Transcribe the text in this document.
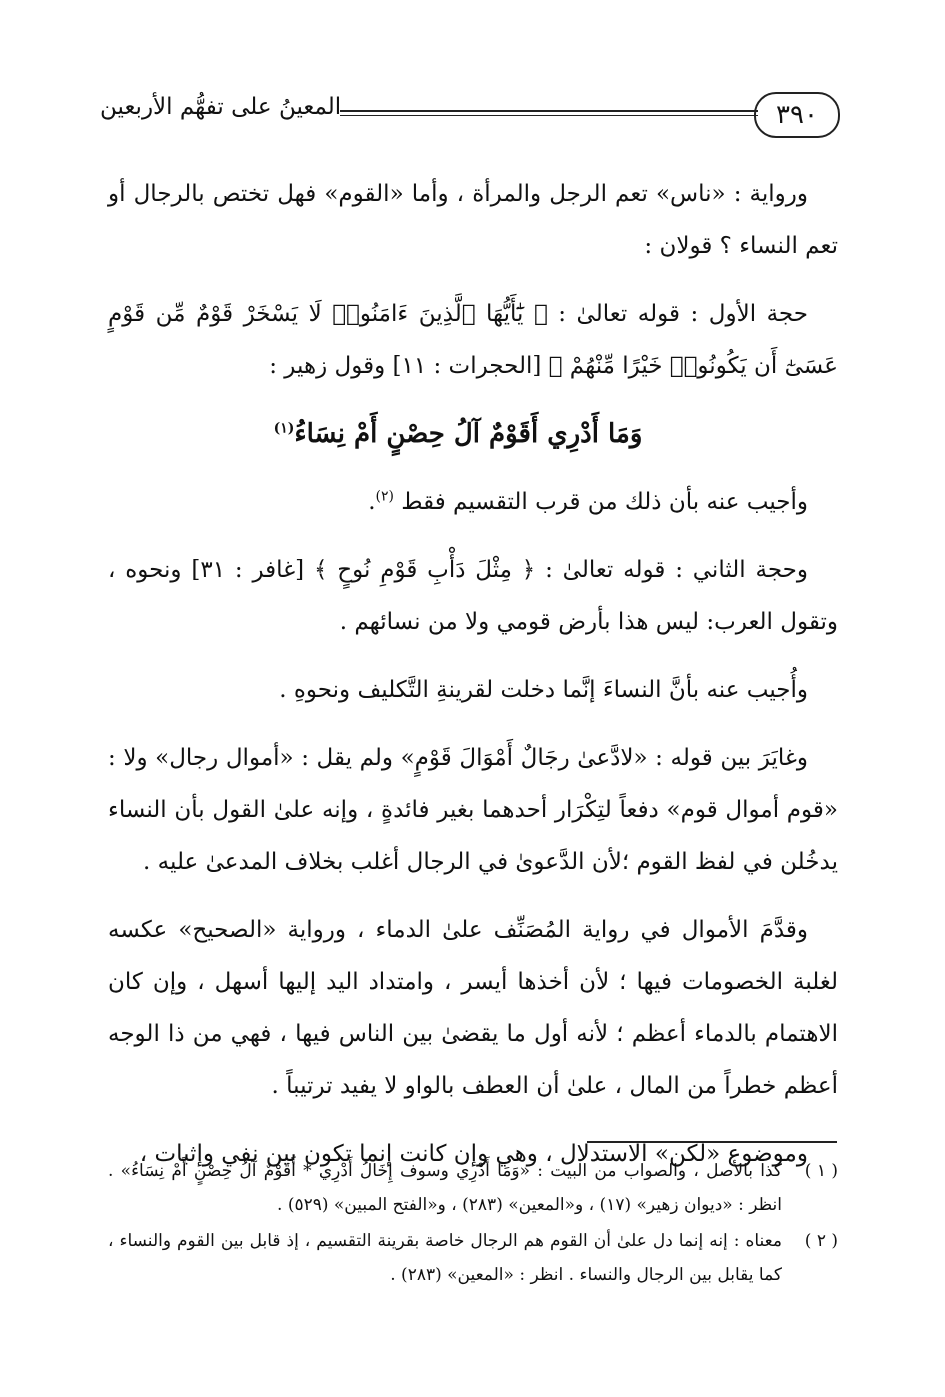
٣٩٠
المعينُ على تفهُّم الأربعين

ورواية : «ناس» تعم الرجل والمرأة ، وأما «القوم» فهل تختص بالرجال أو تعم النساء ؟ قولان :

حجة الأول : قوله تعالىٰ : ﴿ يَٰٓأَيُّهَا ٱلَّذِينَ ءَامَنُوا۟ لَا يَسْخَرْ قَوْمٌ مِّن قَوْمٍ عَسَىٰٓ أَن يَكُونُوا۟ خَيْرًا مِّنْهُمْ ﴾ [الحجرات : ١١] وقول زهير :

وَمَا أَدْرِي أَقَوْمٌ آلُ حِصْنٍ أَمْ نِسَاءُ$^{(١)}$

وأجيب عنه بأن ذلك من قرب التقسيم فقط $^{(٢)}$.

وحجة الثاني : قوله تعالىٰ : ﴿ مِثْلَ دَأْبِ قَوْمِ نُوحٍ ﴾ [غافر : ٣١] ونحوه ، وتقول العرب: ليس هذا بأرض قومي ولا من نسائهم .

وأُجيب عنه بأنَّ النساءَ إنَّما دخلت لقرينةِ التَّكليف ونحوهِ .

وغايَرَ بين قوله : «لادَّعىٰ رجَالٌ أَمْوَالَ قَوْمٍ» ولم يقل : «أموال رجال» ولا : «قوم أموال قوم» دفعاً لتِكْرَار أحدهما بغير فائدةٍ ، وإنه علىٰ القول بأن النساء يدخُلن في لفظ القوم ؛لأن الدَّعوىٰ في الرجال أغلب بخلاف المدعىٰ عليه .

وقدَّمَ الأموال في رواية المُصَنِّف علىٰ الدماء ، ورواية «الصحيح» عكسه لغلبة الخصومات فيها ؛ لأن أخذها أيسر ، وامتداد اليد إليها أسهل ، وإن كان الاهتمام بالدماء أعظم ؛ لأنه أول ما يقضىٰ بين الناس فيها ، فهي من ذا الوجه أعظم خطراً من المال ، علىٰ أن العطف بالواو لا يفيد ترتيباً .

وموضوع «لكن» الاستدلال ، وهي وإن كانت إنما تكون بين نفي وإثبات ،

( ١ )
كذا بالأصل ، والصواب من البيت : «وَمَا أَدْرِي وسوف إِخَالُ أَدْرِي * أَقَوْمٌ آلُ حِصْنٍ أَمْ نِسَاءُ» . انظر : «ديوان زهير» (١٧) ، و«المعين» (٢٨٣) ، و«الفتح المبين» (٥٢٩) .
( ٢ )
معناه : إنه إنما دل علىٰ أن القوم هم الرجال خاصة بقرينة التقسيم ، إذ قابل بين القوم والنساء ، كما يقابل بين الرجال والنساء . انظر : «المعين» (٢٨٣) .
